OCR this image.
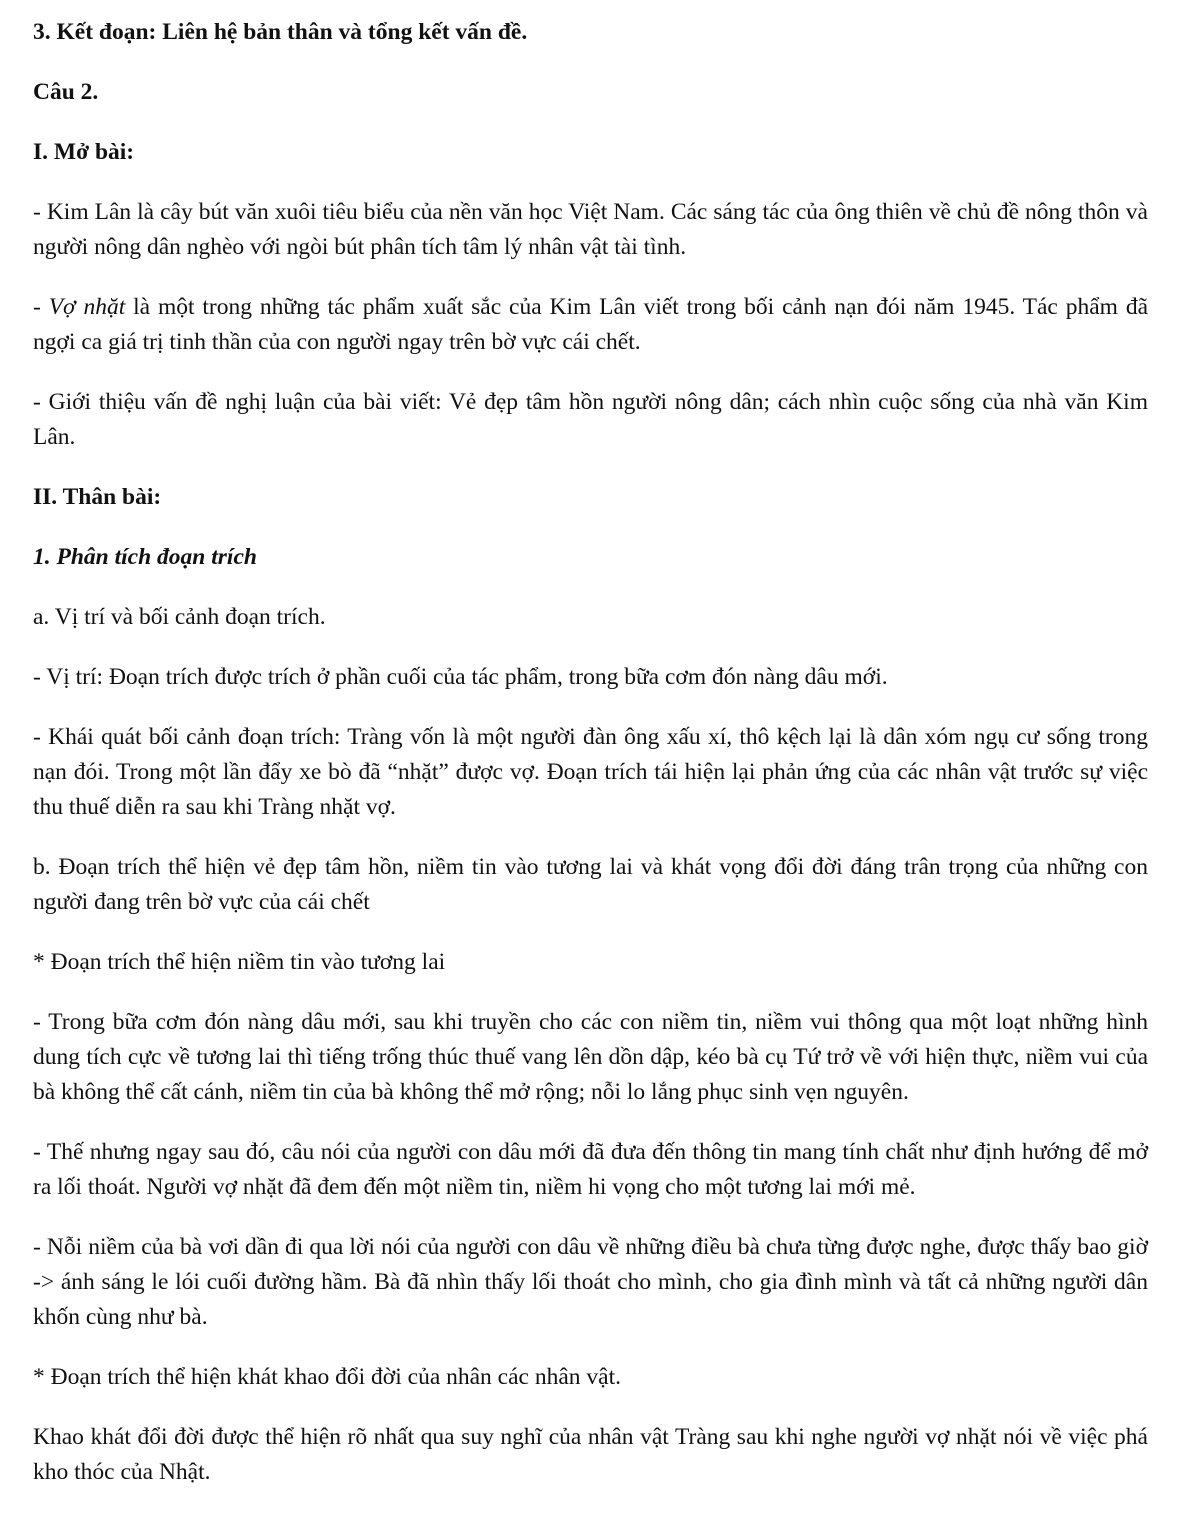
3. Kết đoạn: Liên hệ bản thân và tổng kết vấn đề.

Câu 2.

I. Mở bài:

- Kim Lân là cây bút văn xuôi tiêu biểu của nền văn học Việt Nam. Các sáng tác của ông thiên về chủ đề nông thôn và người nông dân nghèo với ngòi bút phân tích tâm lý nhân vật tài tình.

- Vợ nhặt là một trong những tác phẩm xuất sắc của Kim Lân viết trong bối cảnh nạn đói năm 1945. Tác phẩm đã ngợi ca giá trị tinh thần của con người ngay trên bờ vực cái chết.

- Giới thiệu vấn đề nghị luận của bài viết: Vẻ đẹp tâm hồn người nông dân; cách nhìn cuộc sống của nhà văn Kim Lân.

II. Thân bài:

1. Phân tích đoạn trích

a. Vị trí và bối cảnh đoạn trích.

- Vị trí: Đoạn trích được trích ở phần cuối của tác phẩm, trong bữa cơm đón nàng dâu mới.

- Khái quát bối cảnh đoạn trích: Tràng vốn là một người đàn ông xấu xí, thô kệch lại là dân xóm ngụ cư sống trong nạn đói. Trong một lần đẩy xe bò đã “nhặt” được vợ. Đoạn trích tái hiện lại phản ứng của các nhân vật trước sự việc thu thuế diễn ra sau khi Tràng nhặt vợ.

b. Đoạn trích thể hiện vẻ đẹp tâm hồn, niềm tin vào tương lai và khát vọng đổi đời đáng trân trọng của những con người đang trên bờ vực của cái chết

* Đoạn trích thể hiện niềm tin vào tương lai

- Trong bữa cơm đón nàng dâu mới, sau khi truyền cho các con niềm tin, niềm vui thông qua một loạt những hình dung tích cực về tương lai thì tiếng trống thúc thuế vang lên dồn dập, kéo bà cụ Tứ trở về với hiện thực, niềm vui của bà không thể cất cánh, niềm tin của bà không thể mở rộng; nỗi lo lắng phục sinh vẹn nguyên.

- Thế nhưng ngay sau đó, câu nói của người con dâu mới đã đưa đến thông tin mang tính chất như định hướng để mở ra lối thoát. Người vợ nhặt đã đem đến một niềm tin, niềm hi vọng cho một tương lai mới mẻ.

- Nỗi niềm của bà vơi dần đi qua lời nói của người con dâu về những điều bà chưa từng được nghe, được thấy bao giờ -> ánh sáng le lói cuối đường hầm. Bà đã nhìn thấy lối thoát cho mình, cho gia đình mình và tất cả những người dân khốn cùng như bà.

* Đoạn trích thể hiện khát khao đổi đời của nhân các nhân vật.

Khao khát đổi đời được thể hiện rõ nhất qua suy nghĩ của nhân vật Tràng sau khi nghe người vợ nhặt nói về việc phá kho thóc của Nhật.
